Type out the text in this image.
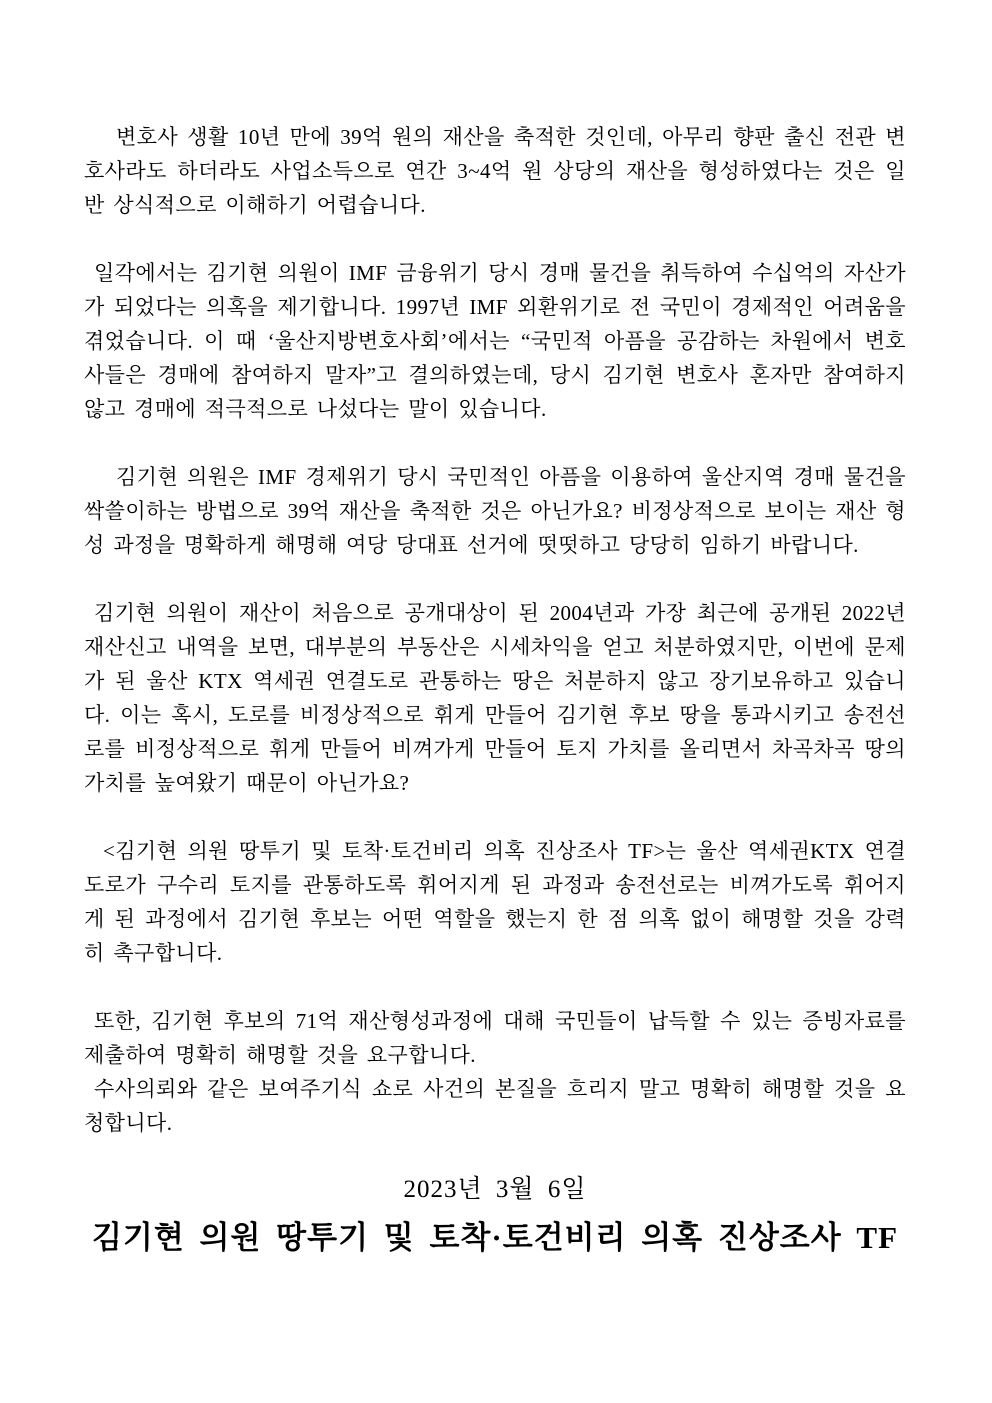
변호사 생활 10년 만에 39억 원의 재산을 축적한 것인데, 아무리 향판 출신 전관 변호사라도 하더라도 사업소득으로 연간 3~4억 원 상당의 재산을 형성하였다는 것은 일반 상식적으로 이해하기 어렵습니다.

일각에서는 김기현 의원이 IMF 금융위기 당시 경매 물건을 취득하여 수십억의 자산가가 되었다는 의혹을 제기합니다. 1997년 IMF 외환위기로 전 국민이 경제적인 어려움을 겪었습니다. 이 때 ‘울산지방변호사회’에서는 “국민적 아픔을 공감하는 차원에서 변호사들은 경매에 참여하지 말자”고 결의하였는데, 당시 김기현 변호사 혼자만 참여하지 않고 경매에 적극적으로 나섰다는 말이 있습니다.

김기현 의원은 IMF 경제위기 당시 국민적인 아픔을 이용하여 울산지역 경매 물건을 싹쓸이하는 방법으로 39억 재산을 축적한 것은 아닌가요? 비정상적으로 보이는 재산 형성 과정을 명확하게 해명해 여당 당대표 선거에 떳떳하고 당당히 임하기 바랍니다.

김기현 의원이 재산이 처음으로 공개대상이 된 2004년과 가장 최근에 공개된 2022년 재산신고 내역을 보면, 대부분의 부동산은 시세차익을 얻고 처분하였지만, 이번에 문제가 된 울산 KTX 역세권 연결도로 관통하는 땅은 처분하지 않고 장기보유하고 있습니다. 이는 혹시, 도로를 비정상적으로 휘게 만들어 김기현 후보 땅을 통과시키고 송전선로를 비정상적으로 휘게 만들어 비껴가게 만들어 토지 가치를 올리면서 차곡차곡 땅의 가치를 높여왔기 때문이 아닌가요?

<김기현 의원 땅투기 및 토착·토건비리 의혹 진상조사 TF>는 울산 역세권KTX 연결도로가 구수리 토지를 관통하도록 휘어지게 된 과정과 송전선로는 비껴가도록 휘어지게 된 과정에서 김기현 후보는 어떤 역할을 했는지 한 점 의혹 없이 해명할 것을 강력히 촉구합니다.

또한, 김기현 후보의 71억 재산형성과정에 대해 국민들이 납득할 수 있는 증빙자료를 제출하여 명확히 해명할 것을 요구합니다.

수사의뢰와 같은 보여주기식 쇼로 사건의 본질을 흐리지 말고 명확히 해명할 것을 요청합니다.

2023년 3월 6일

김기현 의원 땅투기 및 토착·토건비리 의혹 진상조사 TF
